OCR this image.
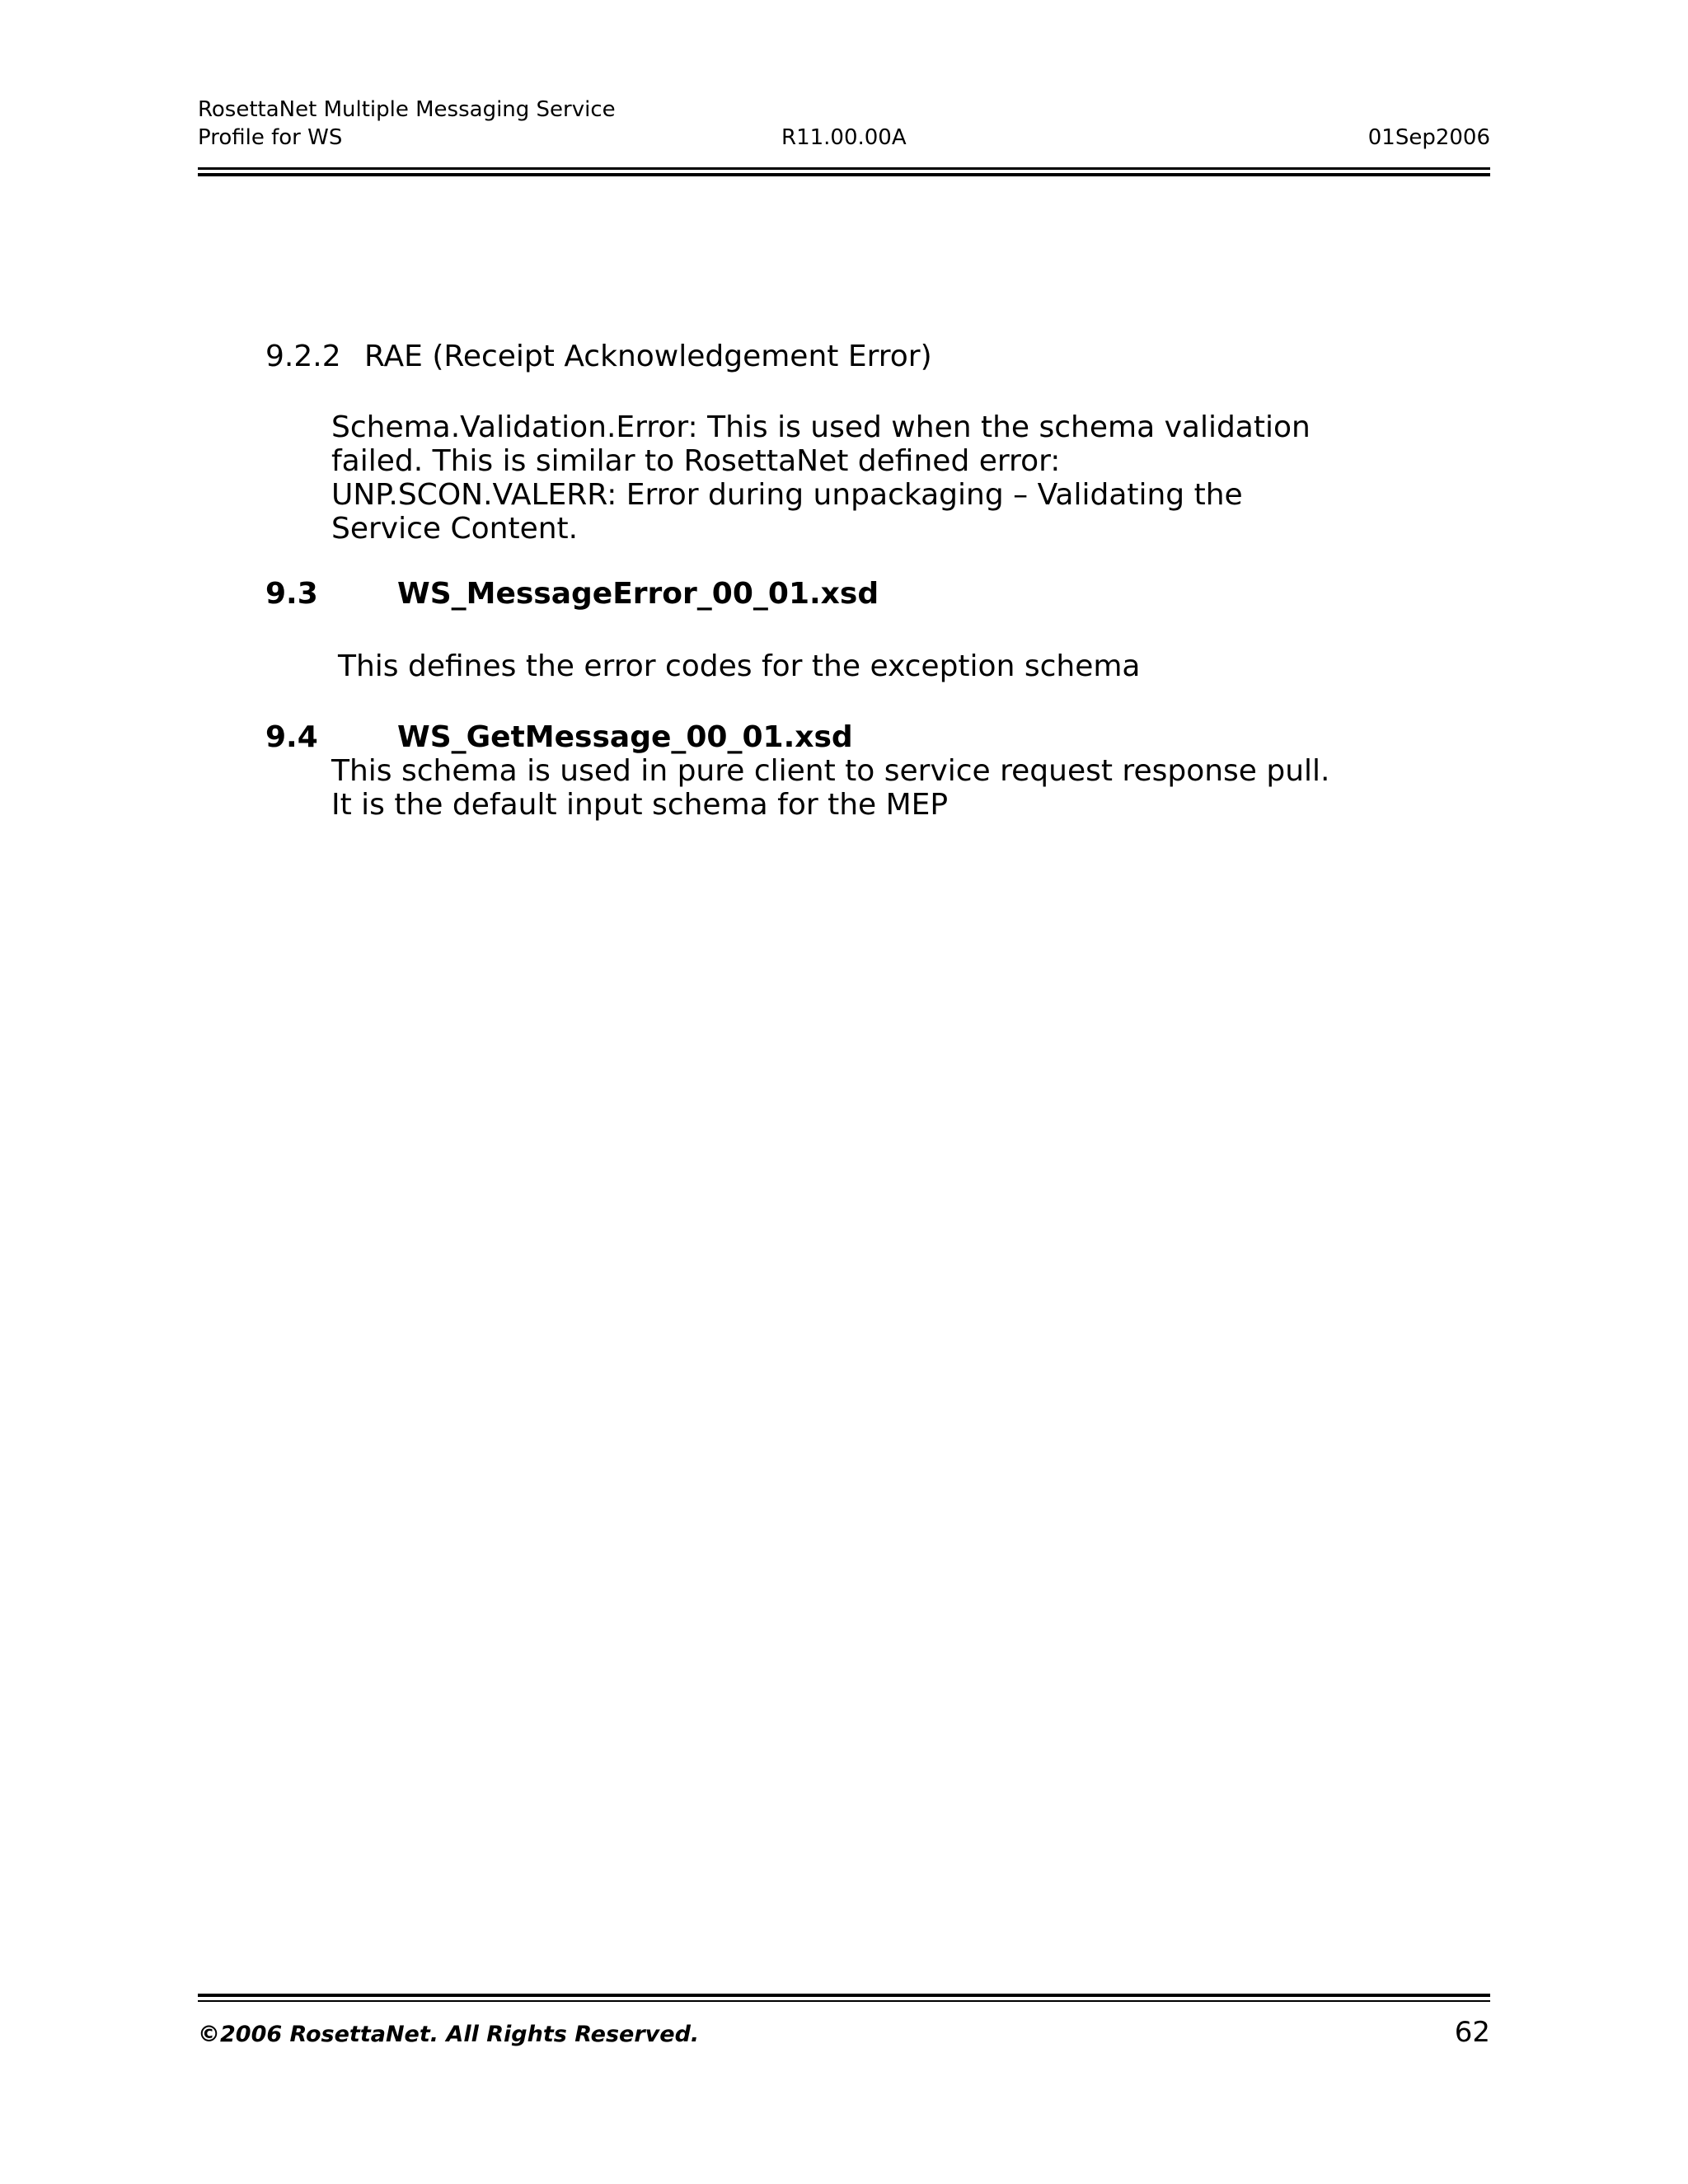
RosettaNet Multiple Messaging Service
Profile for WS	R11.00.00A	01Sep2006
9.2.2 RAE (Receipt Acknowledgement Error)
Schema.Validation.Error: This is used when the schema validation
failed. This is similar to RosettaNet defined error:
UNP.SCON.VALERR: Error during unpackaging – Validating the
Service Content.
9.3	WS_MessageError_00_01.xsd
This defines the error codes for the exception schema
9.4	WS_GetMessage_00_01.xsd
This schema is used in pure client to service request response pull.
It is the default input schema for the MEP
©2006 RosettaNet. All Rights Reserved.	62
